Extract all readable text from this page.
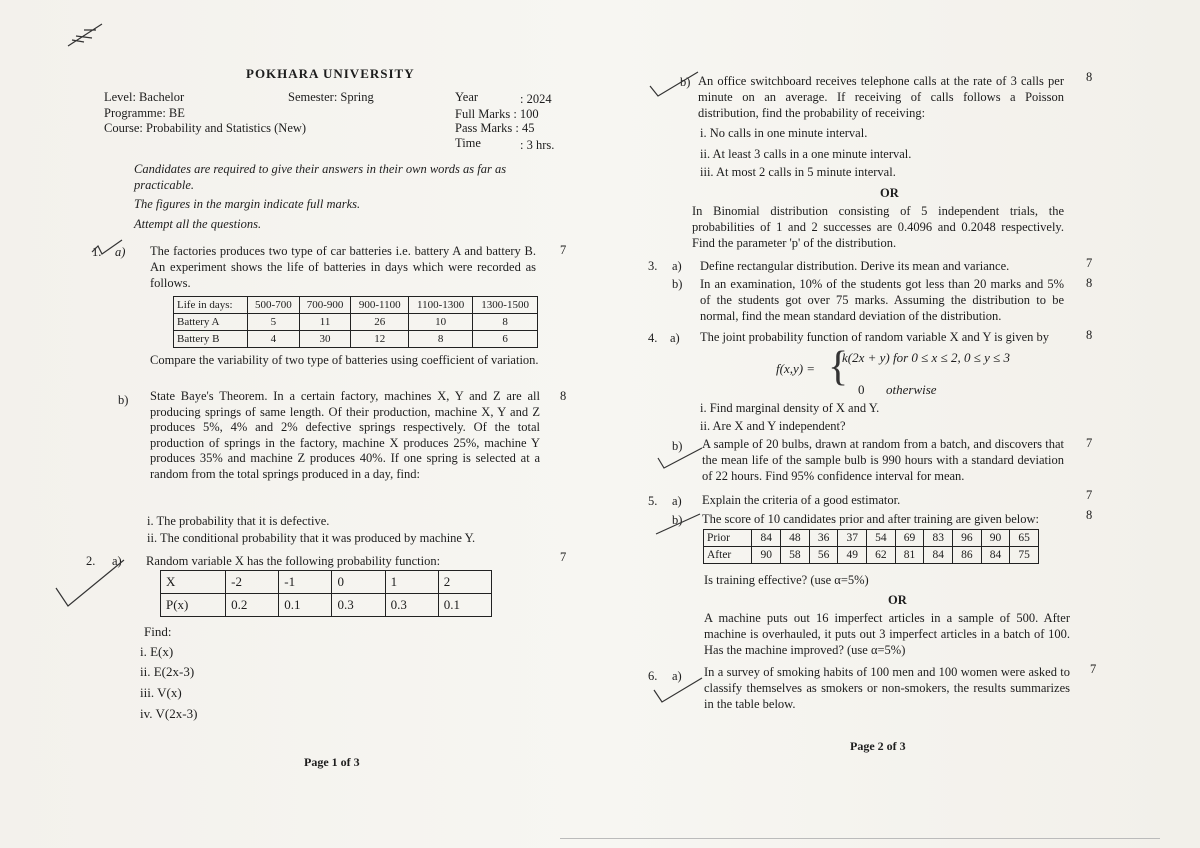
POKHARA UNIVERSITY
Level: Bachelor	Semester: Spring	Year	: 2024
Programme: BE	Full Marks : 100
Course: Probability and Statistics (New)	Pass Marks : 45
Time	: 3 hrs.
Candidates are required to give their answers in their own words as far as practicable.
The figures in the margin indicate full marks.
Attempt all the questions.
1. a) The factories produces two type of car batteries i.e. battery A and battery B. An experiment shows the life of batteries in days which were recorded as follows.
7
Life in days:	500-700	700-900	900-1100	1100-1300	1300-1500
Battery A	5	11	26	10	8
Battery B	4	30	12	8	6
Compare the variability of two type of batteries using coefficient of variation.
b) State Baye's Theorem. In a certain factory, machines X, Y and Z are all producing springs of same length. Of their production, machine X, Y and Z produces 5%, 4% and 2% defective springs respectively. Of the total production of springs in the factory, machine X produces 25%, machine Y produces 35% and machine Z produces 40%. If one spring is selected at a random from the total springs produced in a day, find:
8
i. The probability that it is defective.
ii. The conditional probability that it was produced by machine Y.
2. a) Random variable X has the following probability function:	7
X	-2	-1	0	1	2
P(x)	0.2	0.1	0.3	0.3	0.1
Find:
i. E(x)
ii. E(2x-3)
iii. V(x)
iv. V(2x-3)
Page 1 of 3
b) An office switchboard receives telephone calls at the rate of 3 calls per minute on an average. If receiving of calls follows a Poisson distribution, find the probability of receiving:
8
i. No calls in one minute interval.
ii. At least 3 calls in a one minute interval.
iii. At most 2 calls in 5 minute interval.
OR
In Binomial distribution consisting of 5 independent trials, the probabilities of 1 and 2 successes are 0.4096 and 0.2048 respectively. Find the parameter 'p' of the distribution.
3. a) Define rectangular distribution. Derive its mean and variance.	7
b) In an examination, 10% of the students got less than 20 marks and 5% of the students got over 75 marks. Assuming the distribution to be normal, find the mean standard deviation of the distribution.
8
4. a) The joint probability function of random variable X and Y is given by	8
f(x,y) = {
k(2x + y) for 0 ≤ x ≤ 2, 0 ≤ y ≤ 3
0 otherwise
i. Find marginal density of X and Y.
ii. Are X and Y independent?
b) A sample of 20 bulbs, drawn at random from a batch, and discovers that the mean life of the sample bulb is 990 hours with a standard deviation of 22 hours. Find 95% confidence interval for mean.
7
5. a) Explain the criteria of a good estimator.	7
b) The score of 10 candidates prior and after training are given below:	8
Prior	84	48	36	37	54	69	83	96	90	65
After	90	58	56	49	62	81	84	86	84	75
Is training effective? (use α=5%)
OR
A machine puts out 16 imperfect articles in a sample of 500. After machine is overhauled, it puts out 3 imperfect articles in a batch of 100. Has the machine improved? (use α=5%)
6. a) In a survey of smoking habits of 100 men and 100 women were asked to classify themselves as smokers or non-smokers, the results summarizes in the table below.
7
Page 2 of 3
